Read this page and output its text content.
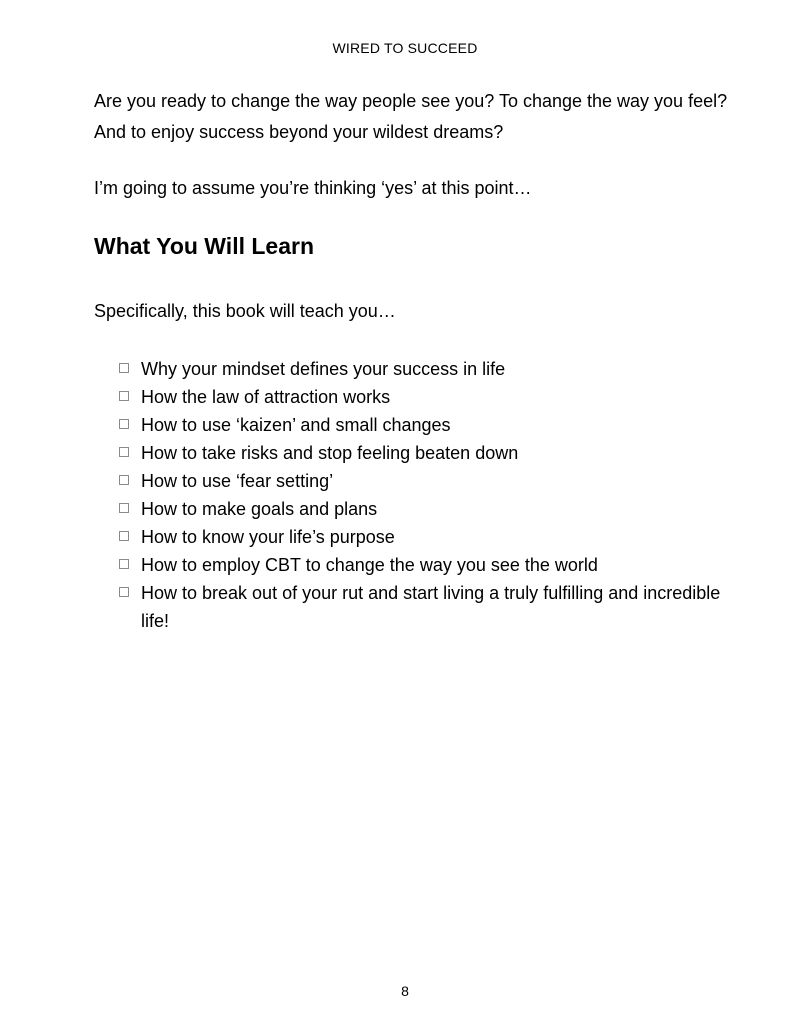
WIRED TO SUCCEED

Are you ready to change the way people see you? To change the way you feel? And to enjoy success beyond your wildest dreams?

I’m going to assume you’re thinking ‘yes’ at this point…

What You Will Learn

Specifically, this book will teach you…

Why your mindset defines your success in life
How the law of attraction works
How to use ‘kaizen’ and small changes
How to take risks and stop feeling beaten down
How to use ‘fear setting’
How to make goals and plans
How to know your life’s purpose
How to employ CBT to change the way you see the world
How to break out of your rut and start living a truly fulfilling and incredible life!
8
